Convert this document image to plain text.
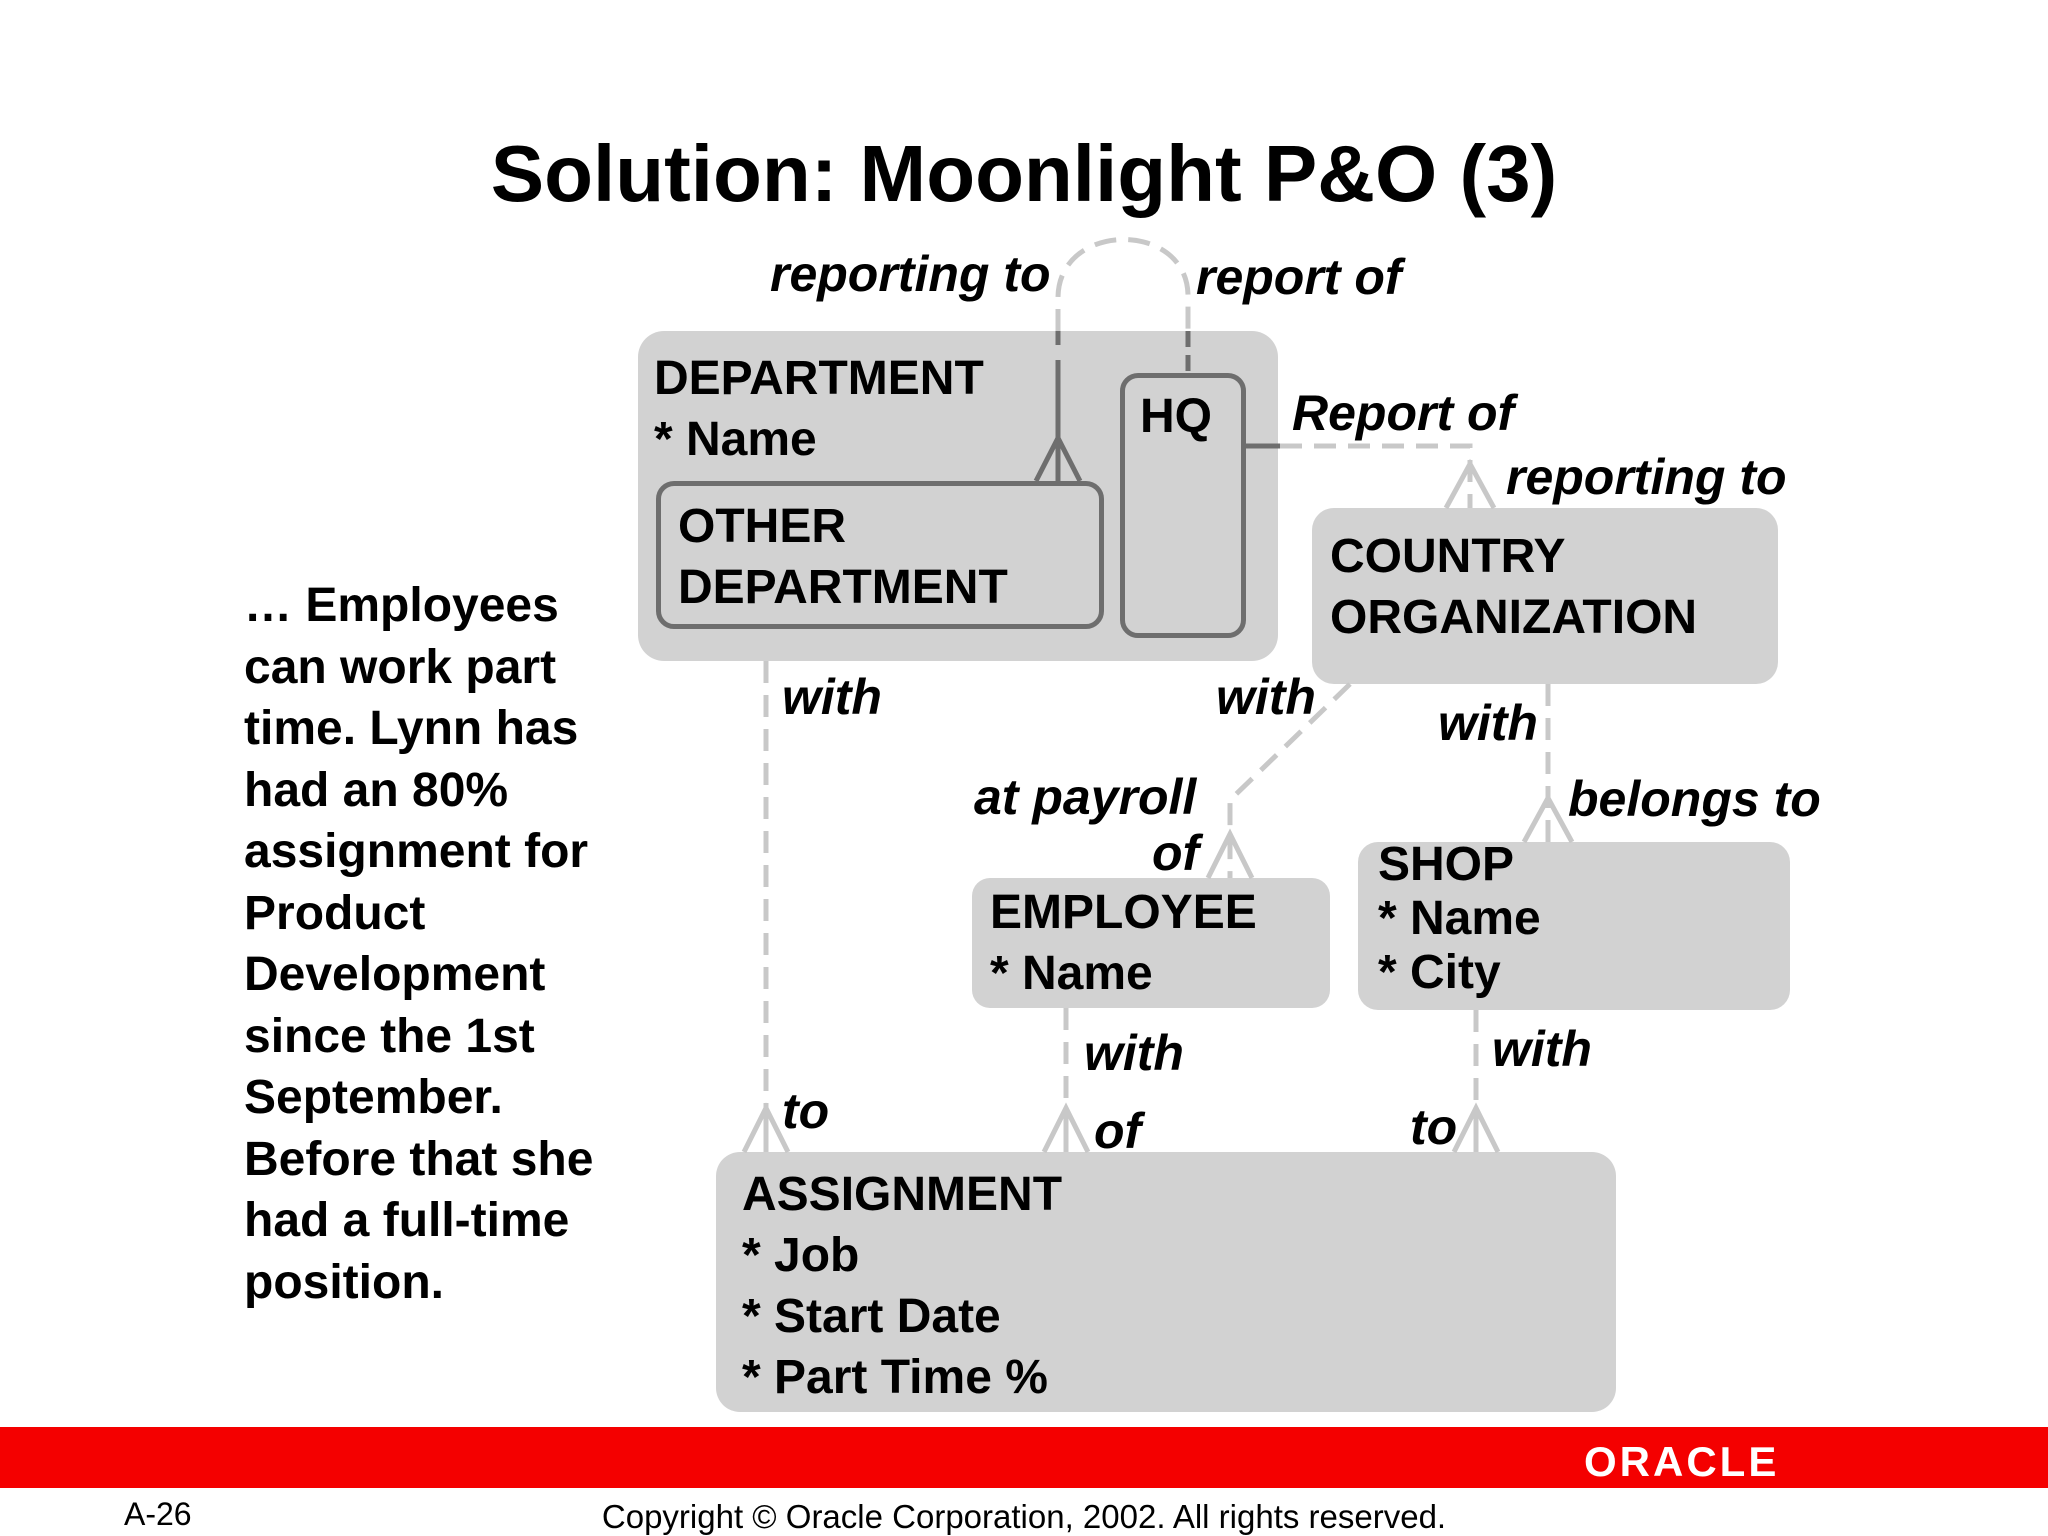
Solution: Moonlight P&O (3)
… Employees
can work part
time. Lynn has
had an 80%
assignment for
Product
Development
since the 1st
September.
Before that she
had a full-time
position.
DEPARTMENT
* Name
OTHER
DEPARTMENT
HQ
COUNTRY
ORGANIZATION
EMPLOYEE
* Name
SHOP
* Name
* City
ASSIGNMENT
* Job
* Start Date
* Part Time %
reporting to	report of
Report of
reporting to
with	with with
at payroll
of
belongs to
with	with
to	of	to
ORACLE
A-26	Copyright © Oracle Corporation, 2002. All rights reserved.
